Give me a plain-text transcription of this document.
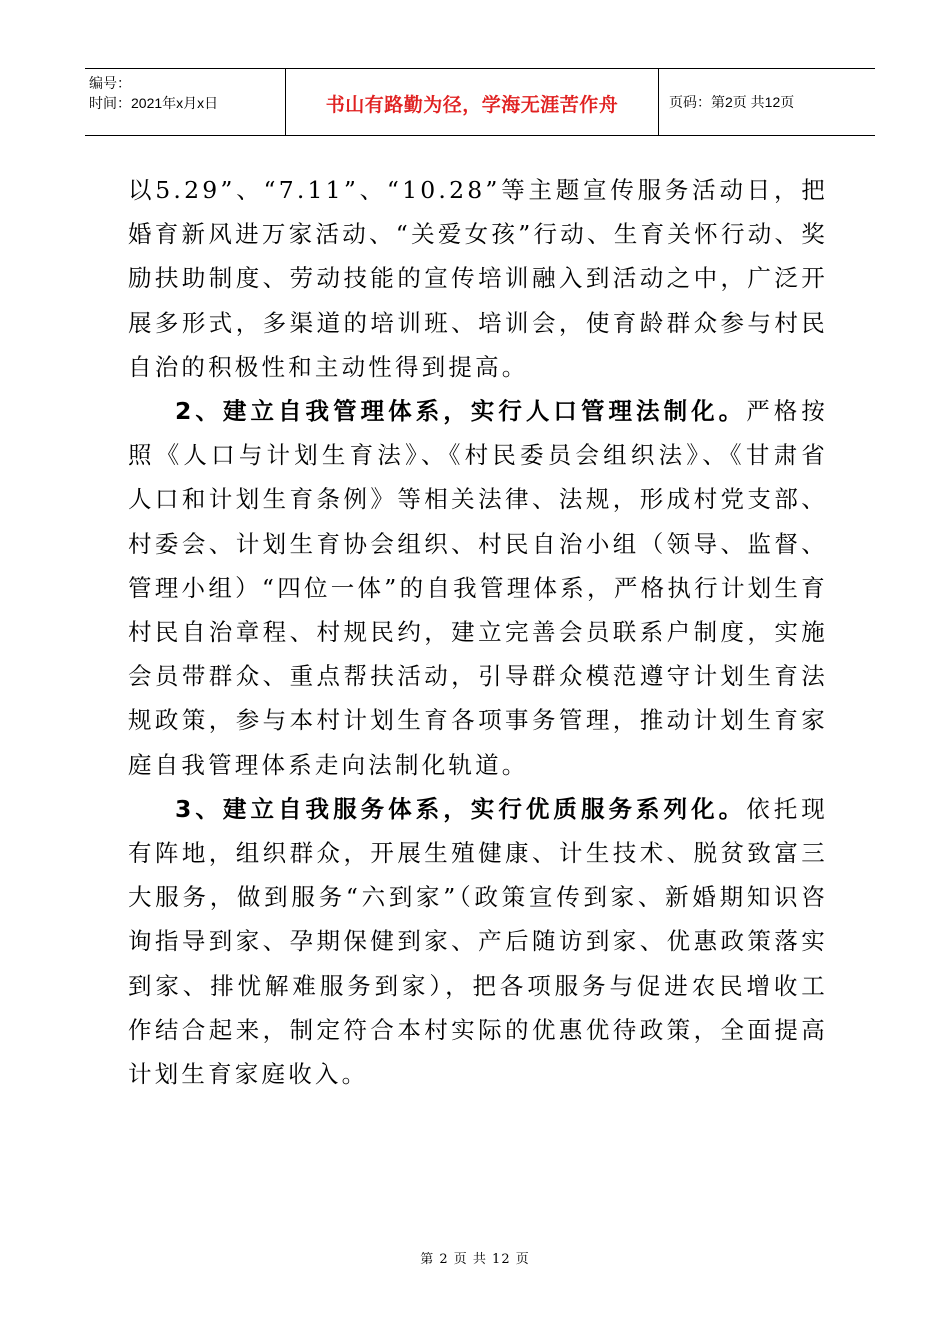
编号：
时间：2021年x月x日	书山有路勤为径，学海无涯苦作舟	页码：第2页 共12页

以5.29”、“7.11”、“10.28”等主题宣传服务活动日，把婚育新风进万家活动、“关爱女孩”行动、生育关怀行动、奖励扶助制度、劳动技能的宣传培训融入到活动之中，广泛开展多形式，多渠道的培训班、培训会，使育龄群众参与村民自治的积极性和主动性得到提高。

2、建立自我管理体系，实行人口管理法制化。严格按照《人口与计划生育法》、《村民委员会组织法》、《甘肃省人口和计划生育条例》等相关法律、法规，形成村党支部、村委会、计划生育协会组织、村民自治小组（领导、监督、管理小组）“四位一体”的自我管理体系，严格执行计划生育村民自治章程、村规民约，建立完善会员联系户制度，实施会员带群众、重点帮扶活动，引导群众模范遵守计划生育法规政策，参与本村计划生育各项事务管理，推动计划生育家庭自我管理体系走向法制化轨道。

3、建立自我服务体系，实行优质服务系列化。依托现有阵地，组织群众，开展生殖健康、计生技术、脱贫致富三大服务，做到服务“六到家”（政策宣传到家、新婚期知识咨询指导到家、孕期保健到家、产后随访到家、优惠政策落实到家、排忧解难服务到家），把各项服务与促进农民增收工作结合起来，制定符合本村实际的优惠优待政策，全面提高计划生育家庭收入。

第 2 页 共 12 页
